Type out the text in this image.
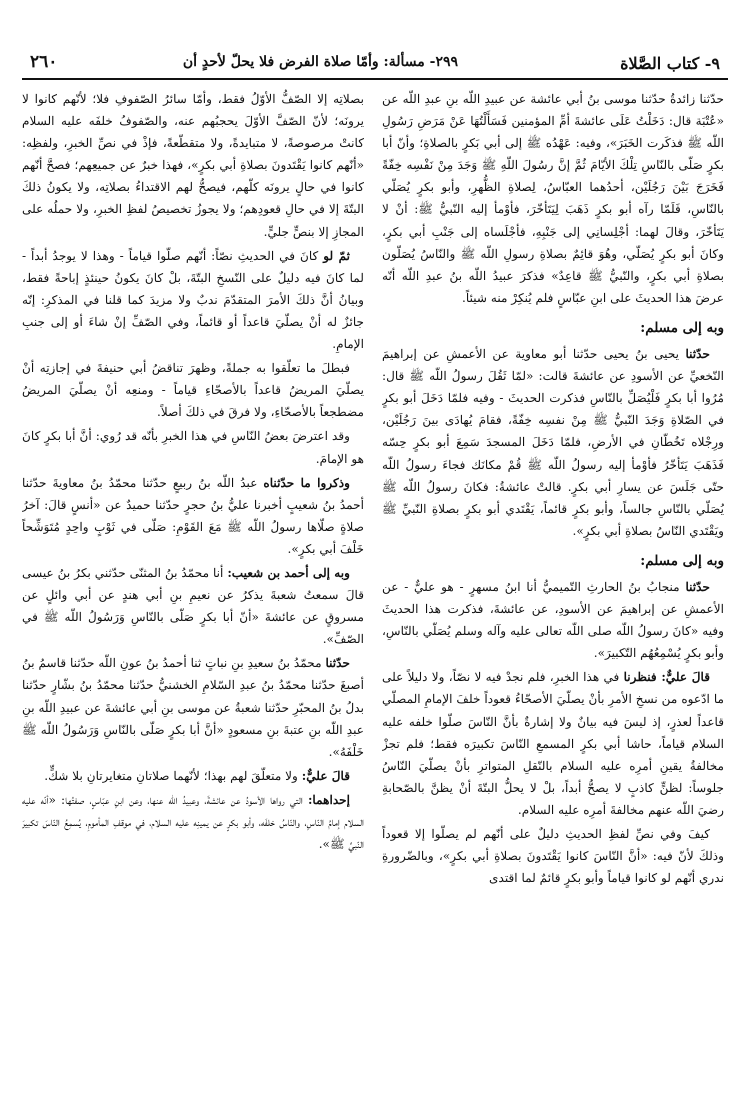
٩- كتاب الصَّلاة
٢٩٩- مسألة: وأمّا صلاة الفرض فلا يحلّ لأحدٍ أن
٢٦٠

حدّثنا زائدةُ حدّثنا موسى بنُ أبي عائشة عن عبيدِ اللّه بنِ عبدِ اللّه عن «عُتْبَة قال: دَخَلْتُ عَلَى عائشةَ أمِّ المؤمنين فَسَأَلْتُهَا عَنْ مَرَضِ رَسُولِ اللّه ﷺ فذكَرت الخَبَرَ»، وفيه: عَهْدُه ﷺ إلى أبي بَكرٍ بالصلاةِ؛ وأنّ أبا بكرٍ صَلّى بالنّاسِ تِلْكَ الأيّامَ ثُمَّ إنَّ رسُولَ اللّهِ ﷺ وَجَدَ مِنْ نَفْسِه خِفّةً فَخَرَجَ بَيْنَ رَجُلَيْن، أحدُهما العبّاسُ، لِصلاةِ الظُّهرِ، وأبو بكرٍ يُصَلّي بالنّاسِ، فَلَمّا رآه أبو بكرٍ ذَهَبَ لِيَتَأخّرَ، فأوْمأ إليه النّبيُّ ﷺ: أنْ لا يَتَأخّرَ، وقالَ لهما: أجْلِسانِي إلى جَنْبِهِ، فأجْلَساه إلى جَنْبِ أبي بكرٍ، وكانَ أبو بكرٍ يُصَلّي، وهُوَ قائِمٌ بصلاةِ رسولِ اللّه ﷺ والنّاسُ يُصَلّون بصلاةِ أبي بكرٍ، والنّبيُّ ﷺ قاعِدٌ» فذكرَ عبيدُ اللّه بنُ عبدِ اللّه أنّه عرضَ هذا الحديثَ على ابنِ عبّاسٍ فلم يُنكِرْ منه شيئاً.

وبه إلى مسلم:

حدّثنا يحيى بنُ يحيى حدّثنا أبو معاوية عن الأعمشِ عن إبراهيمَ النّخعيِّ عن الأسودِ عن عائشةَ قالت: «لمّا ثَقُلَ رسولُ اللّه ﷺ قال: مُرُوا أبا بكرٍ فَلْيُصَلِّ بالنّاسِ فذكرت الحديثَ - وفيه فلمّا دَخَلَ أبو بكرٍ في الصّلاةِ وَجَدَ النّبيُّ ﷺ مِنْ نفسِه خِفّةً، فقامَ يُهادَى بينَ رَجُلَيْن، ورِجْلاه تَخُطّانِ في الأرضِ، فلمّا دَخَلَ المسجدَ سَمِعَ أبو بكرٍ حِسّه فَذَهَبَ يَتَأخّرُ فأوْمأ إليه رسولُ اللّه ﷺ قُمْ مكانَك فجاءَ رسولُ اللّه حتّى جَلَسَ عن يسارِ أبي بكرٍ. قالتْ عائشةُ: فكانَ رسولُ اللّه ﷺ يُصَلّي بالنّاسِ جالساً، وأبو بكرٍ قائماً، يَقْتَدي أبو بكرٍ بصلاةِ النّبيِّ ﷺ ويَقْتَدي النّاسُ بصلاةِ أبي بكرٍ».

وبه إلى مسلم:

حدّثنا منجابُ بنُ الحارثِ التّميميُّ أنا ابنُ مسهرٍ - هو عليٌّ - عن الأعمشِ عن إبراهيمَ عن الأسودِ، عن عائشةَ، فذكرت هذا الحديثَ وفيه «كانَ رسولُ اللّه صلى اللّه تعالى عليه وآله وسلم يُصَلّي بالنّاسِ، وأبو بكرٍ يُسْمِعُهُم التّكبيرَ».

قالَ عليٌّ: فنظرنا في هذا الخبرِ، فلم نجدْ فيه لا نصّاً، ولا دليلاً على ما ادّعوه من نسخِ الأمرِ بأنْ يصلّيَ الأصحّاءُ قعوداً خلفَ الإمامِ المصلّي قاعداً لعذرٍ، إذ ليسَ فيه بيانٌ ولا إشارةٌ بأنَّ النّاسَ صلّوا خلفه عليه السلام قياماً، حاشا أبي بكرٍ المسمعِ النّاسَ تكبيرَه فقط؛ فلم تجزْ مخالفةُ يقينِ أمرِه عليه السلام بالنّقلِ المتواترِ بأنْ يصلّيَ النّاسُ جلوساً: لظنٍّ كاذبٍ لا يصحُّ أبداً، بلْ لا يحلُّ البتّةَ أنْ يظنَّ بالصّحابةِ رضيَ اللّه عنهم مخالفةَ أمرِه عليه السلام.

كيفَ وفي نصِّ لفظِ الحديثِ دليلٌ على أنّهم لم يصلّوا إلا قعوداً وذلكَ لأنّ فيه: «أنَّ النّاسَ كانوا يَقْتَدونَ بصلاةِ أبي بكرٍ»، وبالضّرورةِ ندري أنّهم لو كانوا قياماً وأبو بكرٍ قائمٌ لما اقتدى

بصلاتِه إلا الصّفُّ الأوّلُ فقط، وأمّا سائرُ الصّفوفِ فلا؛ لأنّهم كانوا لا يرونَه؛ لأنّ الصّفَّ الأوّلَ يحجبُهم عنه، والصّفوفُ خلفَه عليه السلام كانتْ مرصوصةً، لا متبايدةً، ولا متقطّعةً، فإذْ في نصِّ الخبرِ، ولفظِه: «أنّهم كانوا يَقْتَدونَ بصلاةِ أبي بكرٍ»، فهذا خبرٌ عن جميعِهم؛ فصحَّ أنّهم كانوا في حالٍ يرونَه كلّهم، فيصحُّ لهم الاقتداءُ بصلاتِه، ولا يكونُ ذلكَ البتّةَ إلا في حالِ قعودِهم؛ ولا يجوزُ تخصيصُ لفظِ الخبرِ، ولا حملُه على المجازِ إلا بنصٍّ جليٍّ.

ثمّ لو كانَ في الحديثِ نصّاً: أنّهم صلّوا قياماً - وهذا لا يوجدُ أبداً - لما كانَ فيه دليلٌ على النّسخِ البتّةَ، بلْ كانَ يكونُ حينئذٍ إباحةً فقط، وبيانُ أنَّ ذلكَ الأمرَ المتقدّمَ ندبٌ ولا مزيدَ كما قلنا في المذكرِ: إنّه جائزٌ له أنْ يصلّيَ قاعداً أو قائماً، وفي الصّفِّ إنْ شاءَ أو إلى جنبِ الإمامِ.

فبطلَ ما تعلّقوا به جملةً، وظهرَ تناقضُ أبي حنيفةَ في إجازتِه أنْ يصلّيَ المريضُ قاعداً بالأصحّاءِ قياماً - ومنعِه أنْ يصلّيَ المريضُ مضطجعاً بالأصحّاءِ، ولا فرقَ في ذلكَ أصلاً.

وقد اعترضَ بعضُ النّاسِ في هذا الخبرِ بأنّه قد رُوي: أنَّ أبا بكرٍ كانَ هو الإمامَ.

وذكروا ما حدّثناه عبدُ اللّه بنُ ربيعٍ حدّثنا محمّدُ بنُ معاويةَ حدّثنا أحمدُ بنُ شعيبٍ أخبرنا عليُّ بنُ حجرٍ حدّثنا حميدٌ عن «أنسٍ قالَ: آخرُ صلاةٍ صلّاها رسولُ اللّه ﷺ مَعَ القَوْمِ: صَلّى في ثَوْبٍ واحِدٍ مُتَوَشِّحاً خَلْفَ أبي بكرٍ».

وبه إلى أحمد بن شعيب: أنا محمّدُ بنُ المثنّى حدّثني بكرُ بنُ عيسى قالَ سمعتُ شعبةَ يذكرُ عن نعيمِ بنِ أبي هندٍ عن أبي وائلٍ عن مسروقٍ عن عائشةَ «أنّ أبا بكرٍ صَلّى بالنّاسِ وَرَسُولُ اللّه ﷺ في الصّفِّ».

حدّثنا محمّدُ بنُ سعيدِ بنِ نباتٍ ثنا أحمدُ بنُ عونِ اللّه حدّثنا قاسمُ بنُ أصبغَ حدّثنا محمّدُ بنُ عبدِ السّلامِ الخشنيُّ حدّثنا محمّدُ بنُ بشّارٍ حدّثنا بدلُ بنُ المحبّرِ حدّثنا شعبةُ عن موسى بنِ أبي عائشةَ عن عبيدِ اللّه بنِ عبدِ اللّه بنِ عتبةَ بنِ مسعودٍ «أنَّ أبا بكرٍ صَلّى بالنّاسِ وَرَسُولُ اللّه ﷺ خَلْفَهُ».

قالَ عليٌّ: ولا متعلّقَ لهم بهذا؛ لأنّهما صلاتانِ متغايرتانِ بلا شكٍّ.

إحداهما: التي رواها الأسودُ عن عائشةَ، وعبيدُ اللّه عنها، وعن ابنِ عبّاسٍ، صفتُها: «أنّه عليه السلام إمامُ النّاسِ، والنّاسُ خلفَه، وأبو بكرٍ عن يمينِه عليه السلام، في موقفِ المأمومِ، يُسمِعُ النّاسَ تكبيرَ النّبيِّ ﷺ».
